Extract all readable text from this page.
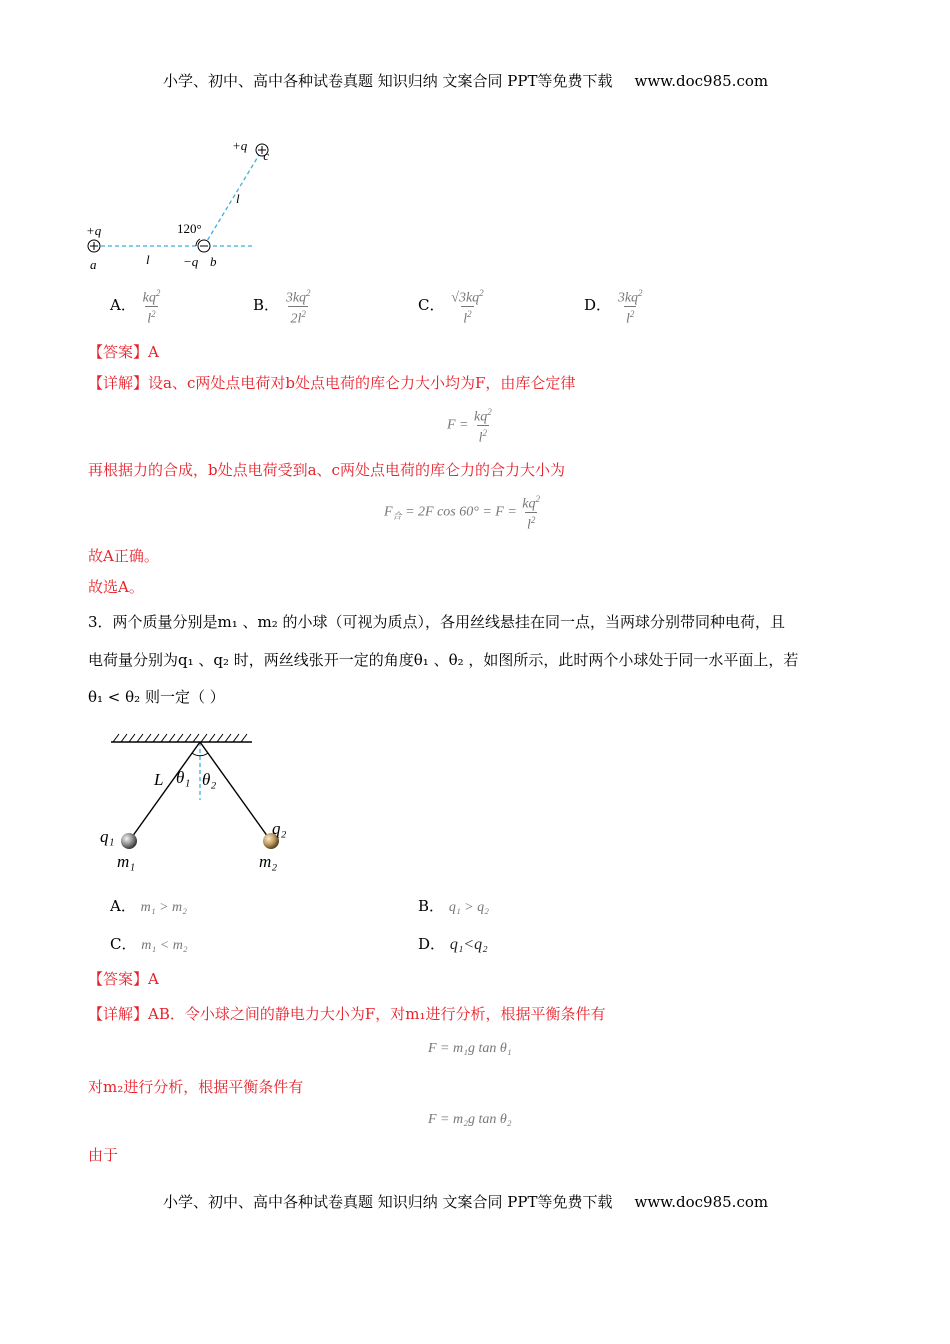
小学、初中、高中各种试卷真题 知识归纳 文案合同 PPT等免费下载 www.doc985.com
+q
c
l
120°
+q
a	l	−q b
A． $\frac{kq^2}{l^2}$	B． $\frac{3kq^2}{2l^2}$	C． $\frac{√3kq^2}{l^2}$	D． $\frac{3kq^2}{l^2}$
【答案】A
【详解】设a、c两处点电荷对b处点电荷的库仑力大小均为F，由库仑定律
$F = \frac{kq^2}{l^2}$
再根据力的合成，b处点电荷受到a、c两处点电荷的库仑力的合力大小为
$F_合 = 2F$ $\cos 60^\circ = F = \frac{kq^2}{l^2}$
故A正确。
故选A。
3．两个质量分别是m₁ 、m₂ 的小球（可视为质点），各用丝线悬挂在同一点，当两球分别带同种电荷，且
电荷量分别为q₁ 、q₂ 时，两丝线张开一定的角度θ₁ 、θ₂ ，如图所示，此时两个小球处于同一水平面上，若
θ₁ < θ₂ 则一定（ ）
L θ₁ θ₂
q₁	q₂
m₁	m₂
A． m₁ > m₂	B． q₁ > q₂
C． m₁ < m₂	D． q₁<q₂
【答案】A
【详解】AB．令小球之间的静电力大小为F，对m₁进行分析，根据平衡条件有
F = m₁g tan θ₁
对m₂进行分析，根据平衡条件有
F = m₂g tan θ₂
由于
小学、初中、高中各种试卷真题 知识归纳 文案合同 PPT等免费下载 www.doc985.com
